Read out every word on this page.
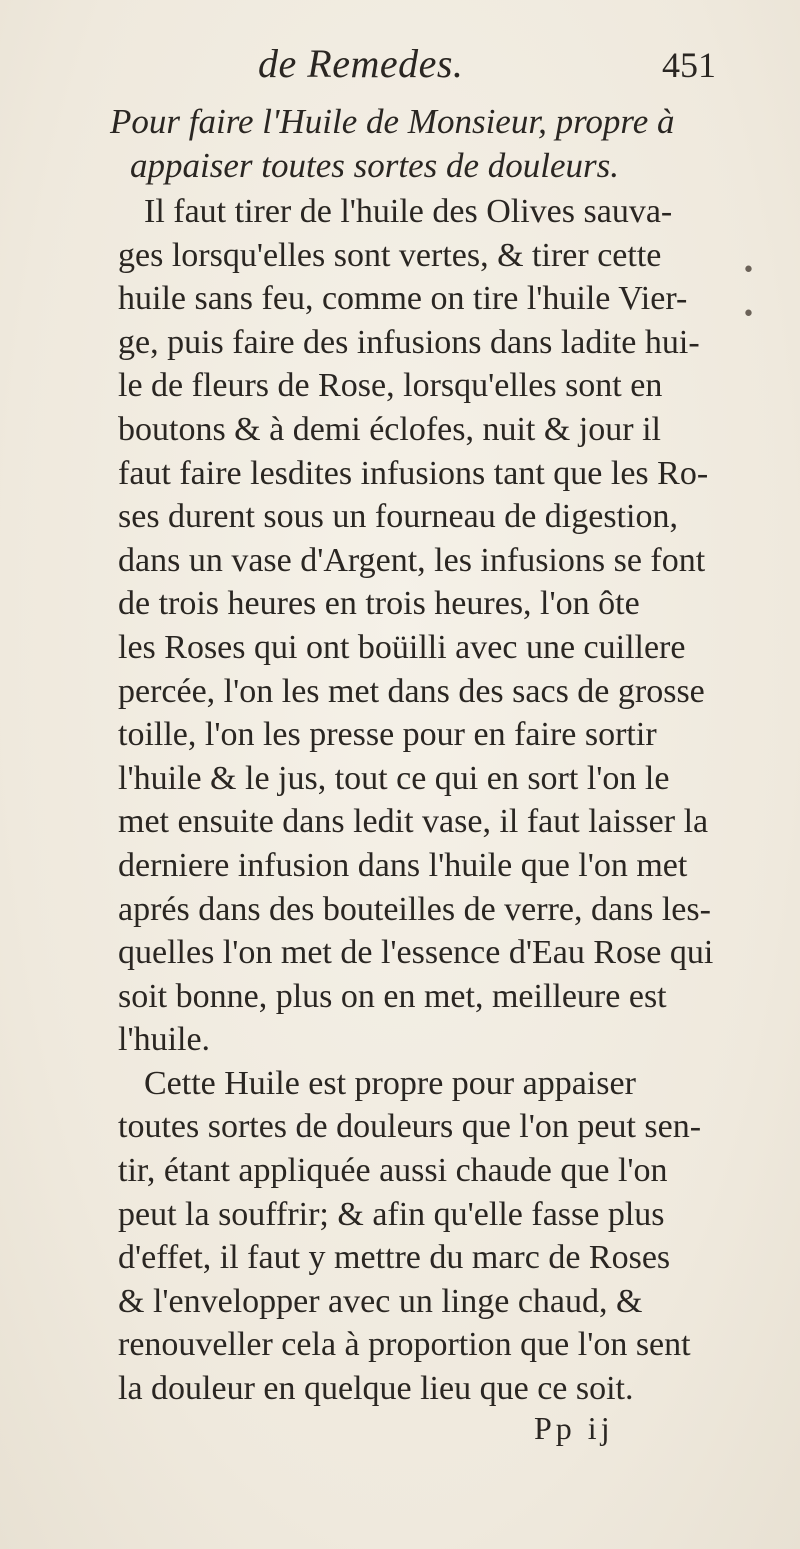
de Remedes.	451
Pour faire l'Huile de Monsieur, propre à
appaiser toutes sortes de douleurs.
Il faut tirer de l'huile des Olives sauva-
ges lorsqu'elles sont vertes, & tirer cette
huile sans feu, comme on tire l'huile Vier-
ge, puis faire des infusions dans ladite hui-
le de fleurs de Rose, lorsqu'elles sont en
boutons & à demi éclofes, nuit & jour il
faut faire lesdites infusions tant que les Ro-
ses durent sous un fourneau de digestion,
dans un vase d'Argent, les infusions se font
de trois heures en trois heures, l'on ôte
les Roses qui ont boüilli avec une cuillere
percée, l'on les met dans des sacs de grosse
toille, l'on les presse pour en faire sortir
l'huile & le jus, tout ce qui en sort l'on le
met ensuite dans ledit vase, il faut laisser la
derniere infusion dans l'huile que l'on met
aprés dans des bouteilles de verre, dans les-
quelles l'on met de l'essence d'Eau Rose qui
soit bonne, plus on en met, meilleure est
l'huile.
Cette Huile est propre pour appaiser
toutes sortes de douleurs que l'on peut sen-
tir, étant appliquée aussi chaude que l'on
peut la souffrir; & afin qu'elle fasse plus
d'effet, il faut y mettre du marc de Roses
& l'envelopper avec un linge chaud, &
renouveller cela à proportion que l'on sent
la douleur en quelque lieu que ce soit.
Pp ij
•
•
